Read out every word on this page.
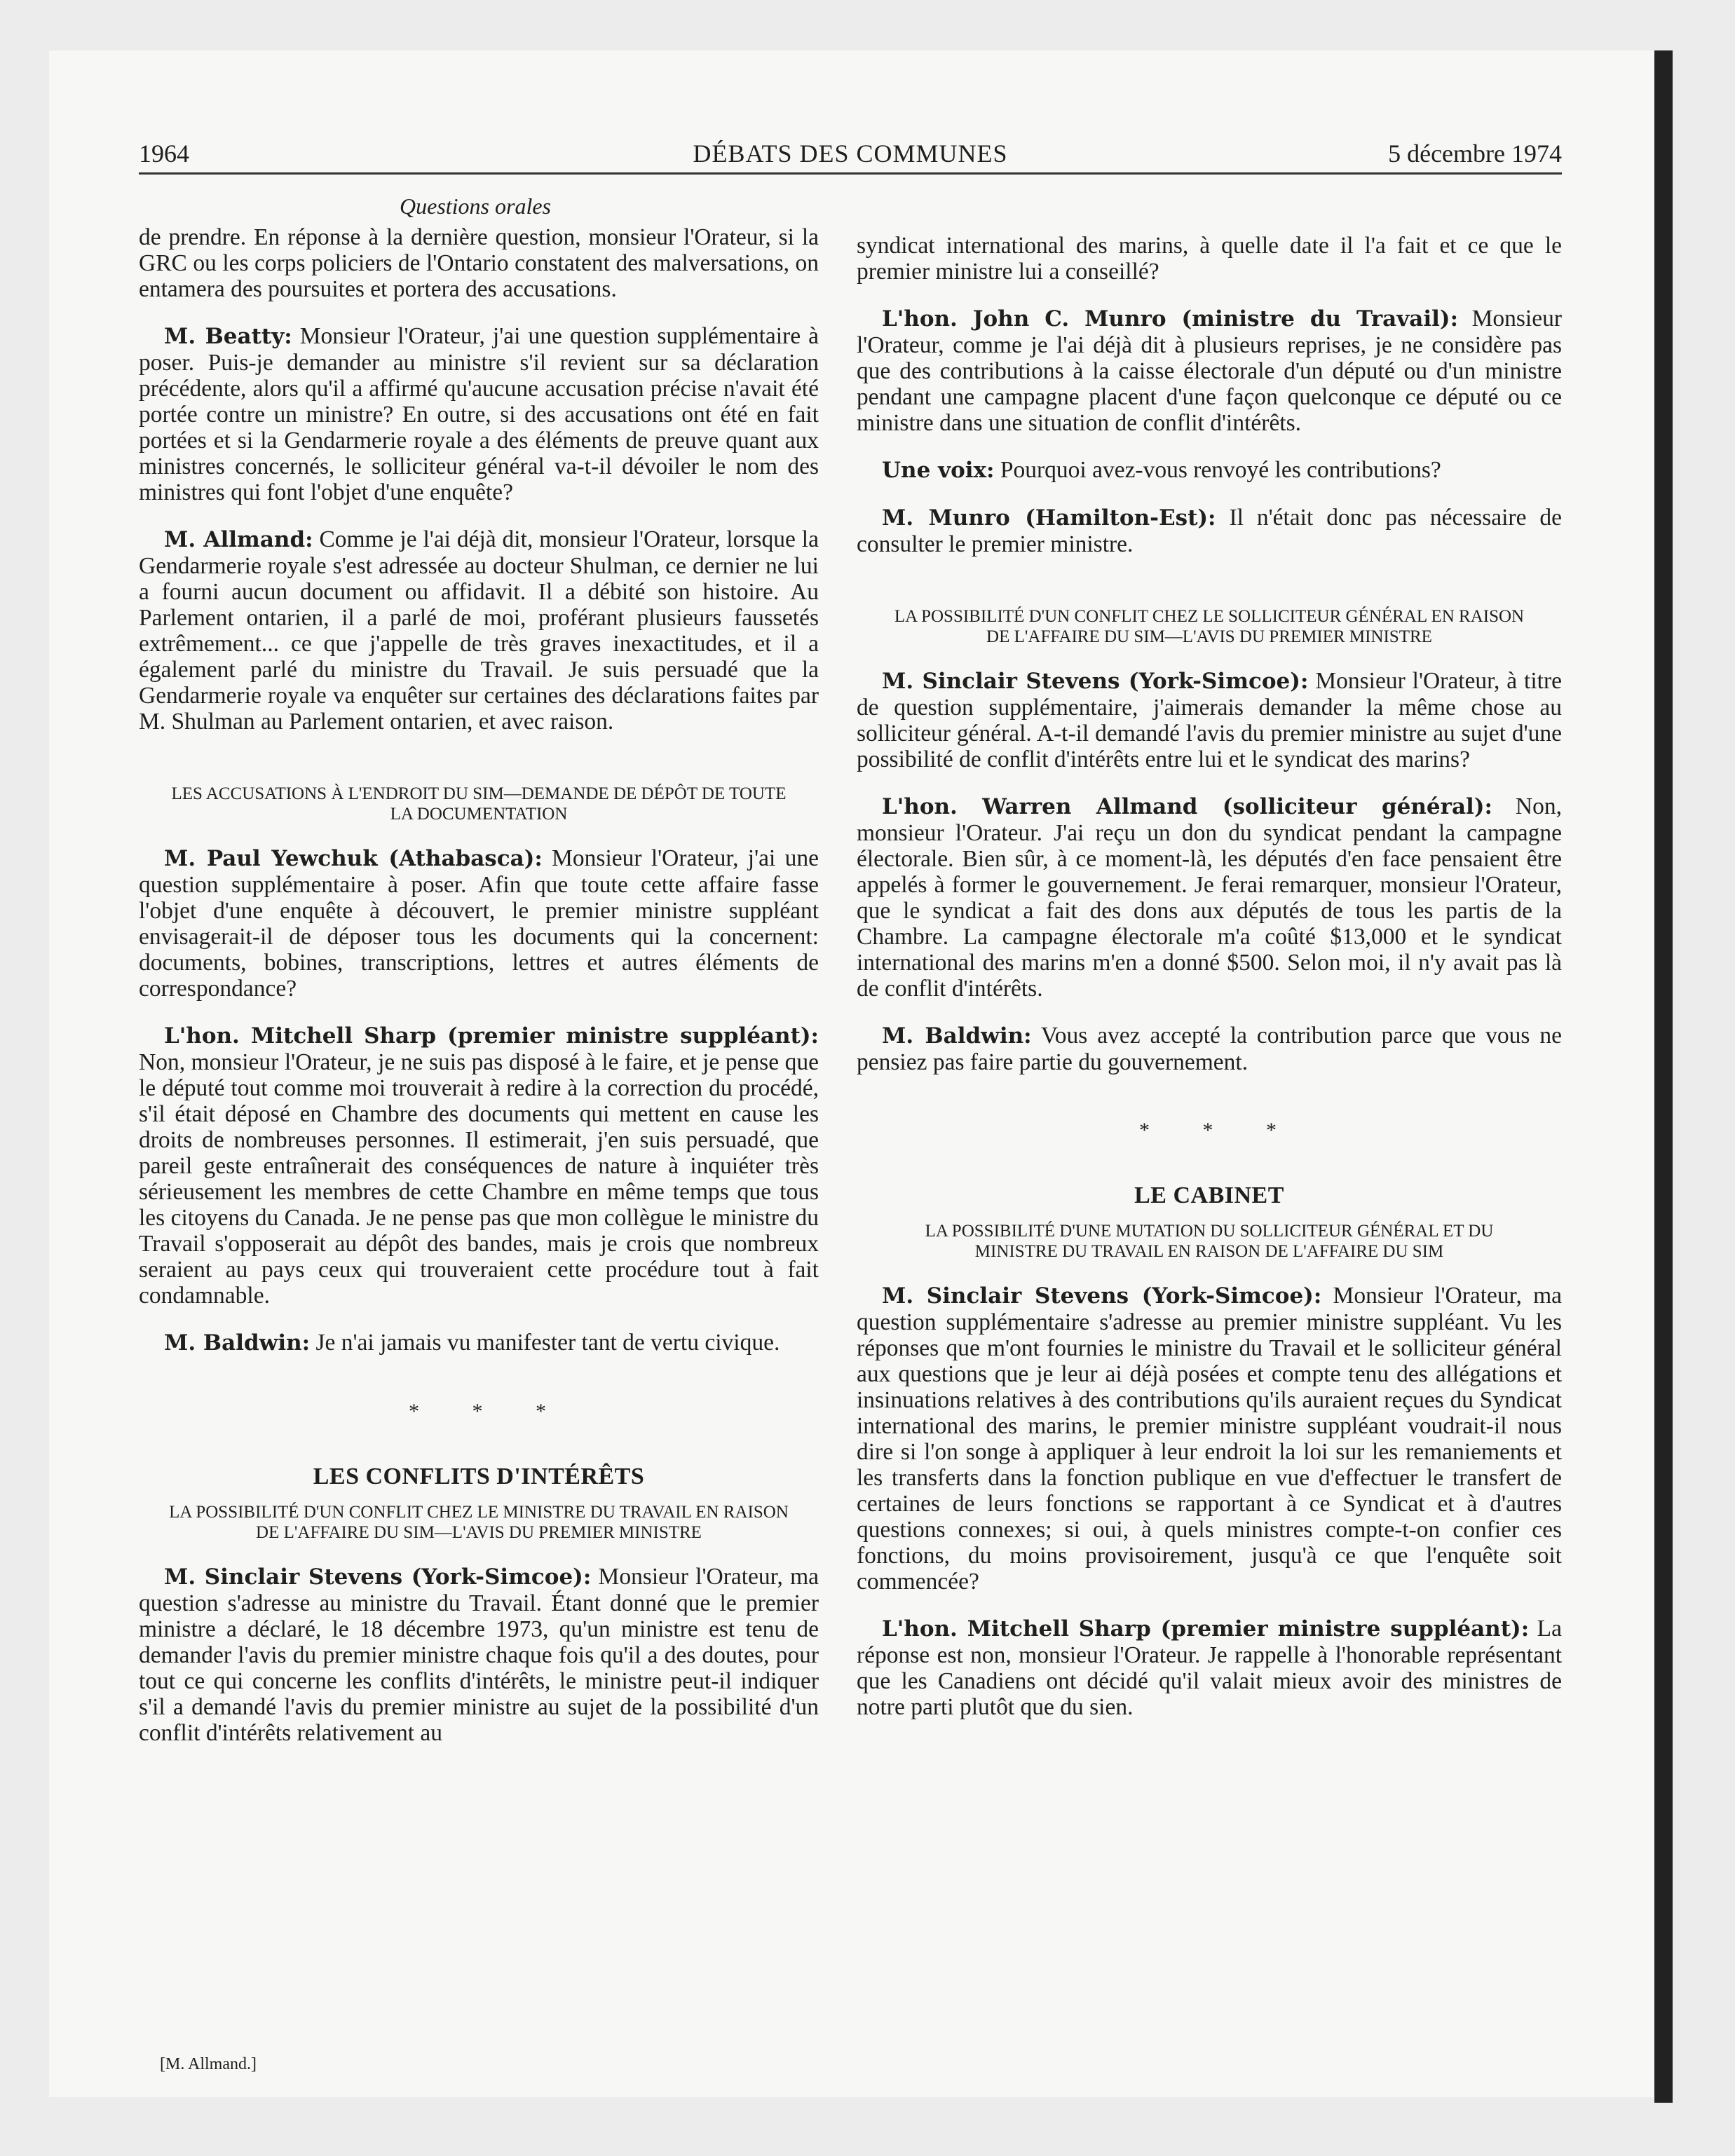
1964	DÉBATS DES COMMUNES	5 décembre 1974
Questions orales

de prendre. En réponse à la dernière question, monsieur l'Orateur, si la GRC ou les corps policiers de l'Ontario constatent des malversations, on entamera des poursuites et portera des accusations.

M. Beatty: Monsieur l'Orateur, j'ai une question supplémentaire à poser. Puis-je demander au ministre s'il revient sur sa déclaration précédente, alors qu'il a affirmé qu'aucune accusation précise n'avait été portée contre un ministre? En outre, si des accusations ont été en fait portées et si la Gendarmerie royale a des éléments de preuve quant aux ministres concernés, le solliciteur général va-t-il dévoiler le nom des ministres qui font l'objet d'une enquête?

M. Allmand: Comme je l'ai déjà dit, monsieur l'Orateur, lorsque la Gendarmerie royale s'est adressée au docteur Shulman, ce dernier ne lui a fourni aucun document ou affidavit. Il a débité son histoire. Au Parlement ontarien, il a parlé de moi, proférant plusieurs faussetés extrêmement... ce que j'appelle de très graves inexactitudes, et il a également parlé du ministre du Travail. Je suis persuadé que la Gendarmerie royale va enquêter sur certaines des déclarations faites par M. Shulman au Parlement ontarien, et avec raison.

LES ACCUSATIONS À L'ENDROIT DU SIM—DEMANDE DE DÉPÔT DE TOUTE LA DOCUMENTATION

M. Paul Yewchuk (Athabasca): Monsieur l'Orateur, j'ai une question supplémentaire à poser. Afin que toute cette affaire fasse l'objet d'une enquête à découvert, le premier ministre suppléant envisagerait-il de déposer tous les documents qui la concernent: documents, bobines, transcriptions, lettres et autres éléments de correspondance?

L'hon. Mitchell Sharp (premier ministre suppléant): Non, monsieur l'Orateur, je ne suis pas disposé à le faire, et je pense que le député tout comme moi trouverait à redire à la correction du procédé, s'il était déposé en Chambre des documents qui mettent en cause les droits de nombreuses personnes. Il estimerait, j'en suis persuadé, que pareil geste entraînerait des conséquences de nature à inquiéter très sérieusement les membres de cette Chambre en même temps que tous les citoyens du Canada. Je ne pense pas que mon collègue le ministre du Travail s'opposerait au dépôt des bandes, mais je crois que nombreux seraient au pays ceux qui trouveraient cette procédure tout à fait condamnable.

M. Baldwin: Je n'ai jamais vu manifester tant de vertu civique.

* * *
LES CONFLITS D'INTÉRÊTS
LA POSSIBILITÉ D'UN CONFLIT CHEZ LE MINISTRE DU TRAVAIL EN RAISON DE L'AFFAIRE DU SIM—L'AVIS DU PREMIER MINISTRE

M. Sinclair Stevens (York-Simcoe): Monsieur l'Orateur, ma question s'adresse au ministre du Travail. Étant donné que le premier ministre a déclaré, le 18 décembre 1973, qu'un ministre est tenu de demander l'avis du premier ministre chaque fois qu'il a des doutes, pour tout ce qui concerne les conflits d'intérêts, le ministre peut-il indiquer s'il a demandé l'avis du premier ministre au sujet de la possibilité d'un conflit d'intérêts relativement au

syndicat international des marins, à quelle date il l'a fait et ce que le premier ministre lui a conseillé?

L'hon. John C. Munro (ministre du Travail): Monsieur l'Orateur, comme je l'ai déjà dit à plusieurs reprises, je ne considère pas que des contributions à la caisse électorale d'un député ou d'un ministre pendant une campagne placent d'une façon quelconque ce député ou ce ministre dans une situation de conflit d'intérêts.

Une voix: Pourquoi avez-vous renvoyé les contributions?

M. Munro (Hamilton-Est): Il n'était donc pas nécessaire de consulter le premier ministre.

LA POSSIBILITÉ D'UN CONFLIT CHEZ LE SOLLICITEUR GÉNÉRAL EN RAISON DE L'AFFAIRE DU SIM—L'AVIS DU PREMIER MINISTRE

M. Sinclair Stevens (York-Simcoe): Monsieur l'Orateur, à titre de question supplémentaire, j'aimerais demander la même chose au solliciteur général. A-t-il demandé l'avis du premier ministre au sujet d'une possibilité de conflit d'intérêts entre lui et le syndicat des marins?

L'hon. Warren Allmand (solliciteur général): Non, monsieur l'Orateur. J'ai reçu un don du syndicat pendant la campagne électorale. Bien sûr, à ce moment-là, les députés d'en face pensaient être appelés à former le gouvernement. Je ferai remarquer, monsieur l'Orateur, que le syndicat a fait des dons aux députés de tous les partis de la Chambre. La campagne électorale m'a coûté $13,000 et le syndicat international des marins m'en a donné $500. Selon moi, il n'y avait pas là de conflit d'intérêts.

M. Baldwin: Vous avez accepté la contribution parce que vous ne pensiez pas faire partie du gouvernement.

* * *
LE CABINET
LA POSSIBILITÉ D'UNE MUTATION DU SOLLICITEUR GÉNÉRAL ET DU MINISTRE DU TRAVAIL EN RAISON DE L'AFFAIRE DU SIM

M. Sinclair Stevens (York-Simcoe): Monsieur l'Orateur, ma question supplémentaire s'adresse au premier ministre suppléant. Vu les réponses que m'ont fournies le ministre du Travail et le solliciteur général aux questions que je leur ai déjà posées et compte tenu des allégations et insinuations relatives à des contributions qu'ils auraient reçues du Syndicat international des marins, le premier ministre suppléant voudrait-il nous dire si l'on songe à appliquer à leur endroit la loi sur les remaniements et les transferts dans la fonction publique en vue d'effectuer le transfert de certaines de leurs fonctions se rapportant à ce Syndicat et à d'autres questions connexes; si oui, à quels ministres compte-t-on confier ces fonctions, du moins provisoirement, jusqu'à ce que l'enquête soit commencée?

L'hon. Mitchell Sharp (premier ministre suppléant): La réponse est non, monsieur l'Orateur. Je rappelle à l'honorable représentant que les Canadiens ont décidé qu'il valait mieux avoir des ministres de notre parti plutôt que du sien.

[M. Allmand.]
